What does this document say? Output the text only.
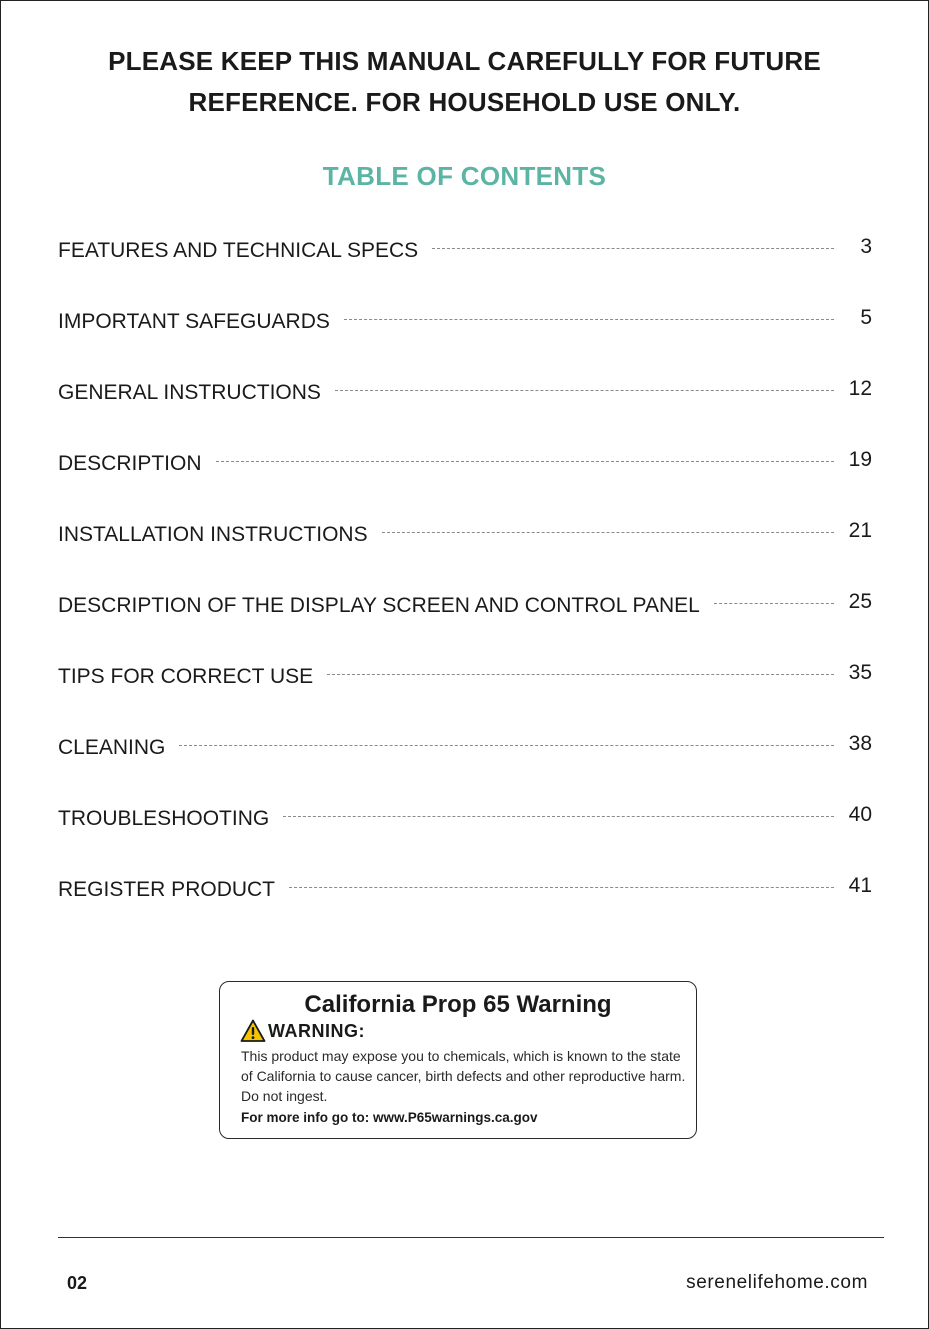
PLEASE KEEP THIS MANUAL CAREFULLY FOR FUTURE
REFERENCE. FOR HOUSEHOLD USE ONLY.
TABLE OF CONTENTS
FEATURES AND TECHNICAL SPECS	3
IMPORTANT SAFEGUARDS	5
GENERAL INSTRUCTIONS	12
DESCRIPTION	19
INSTALLATION INSTRUCTIONS	21
DESCRIPTION OF THE DISPLAY SCREEN AND CONTROL PANEL	25
TIPS FOR CORRECT USE	35
CLEANING	38
TROUBLESHOOTING	40
REGISTER PRODUCT	41
California Prop 65 Warning
WARNING:
This product may expose you to chemicals, which is known to the state of California to cause cancer, birth defects and other reproductive harm. Do not ingest.
For more info go to: www.P65warnings.ca.gov
02	serenelifehome.com
